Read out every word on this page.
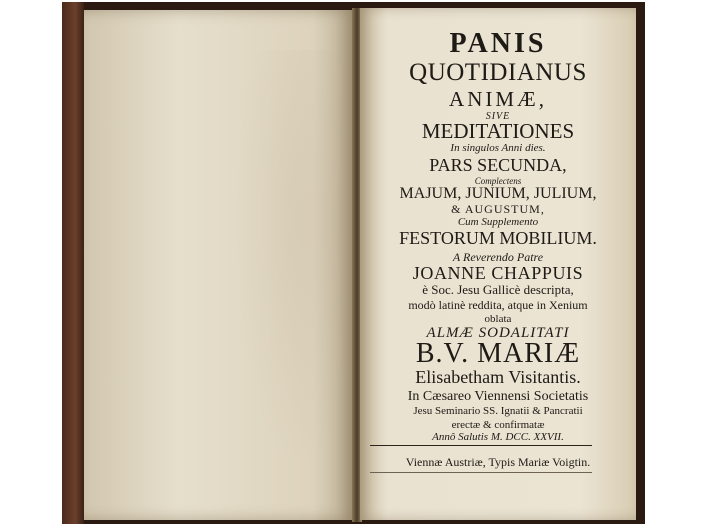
PANIS
QUOTIDIANUS
ANIMÆ,
SIVE
MEDITATIONES
In singulos Anni dies.
PARS SECUNDA,
Complectens
MAJUM, JUNIUM, JULIUM,
& AUGUSTUM,
Cum Supplemento
FESTORUM MOBILIUM.
A Reverendo Patre
JOANNE CHAPPUIS
è Soc. Jesu Gallicè descripta,
modò latinè reddita, atque in Xenium
oblata
ALMÆ SODALITATI
B.V. MARIÆ
Elisabetham Visitantis.
In Cæsareo Viennensi Societatis
Jesu Seminario SS. Ignatii & Pancratii
erectæ & confirmatæ
Annô Salutis M. DCC. XXVII.
Viennæ Austriæ, Typis Mariæ Voigtin.
